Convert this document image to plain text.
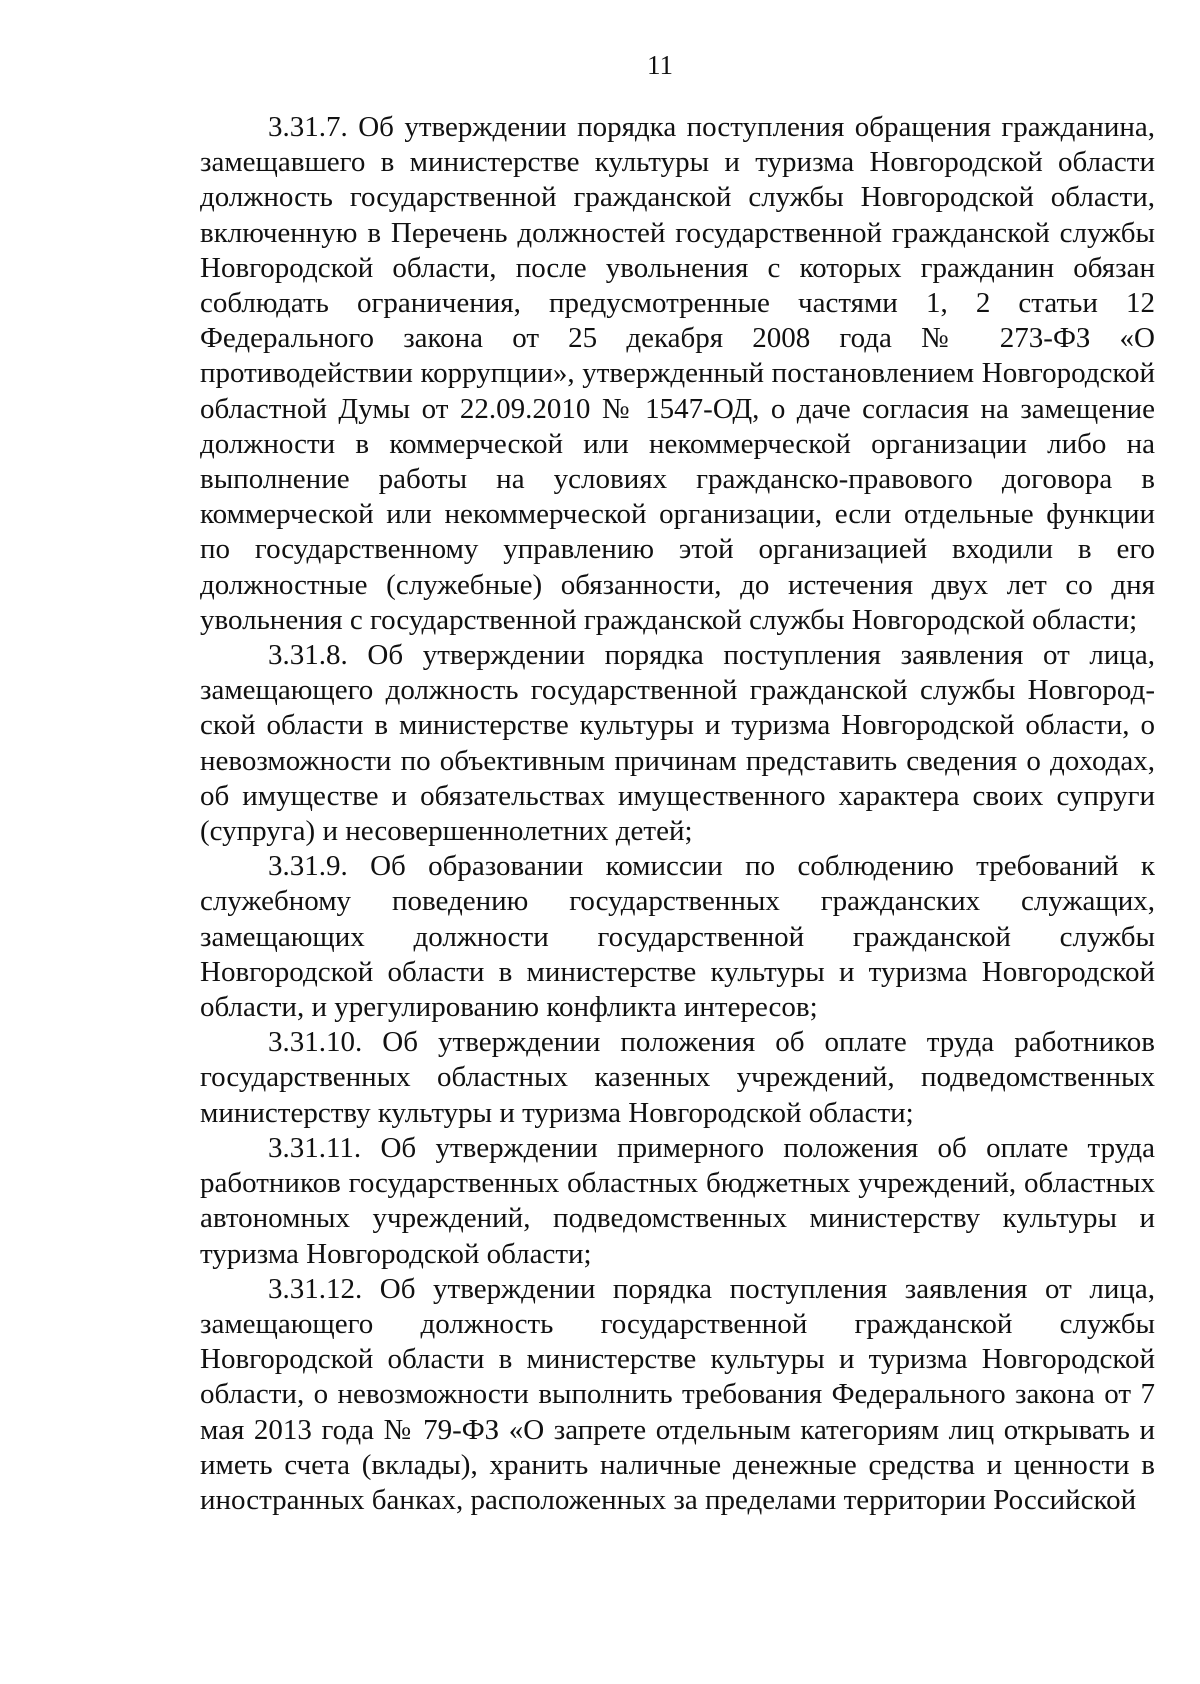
11

3.31.7. Об утверждении порядка поступления обращения гражданина, замещавшего в министерстве культуры и туризма Новгородской области должность государственной гражданской службы Новгородской области, включенную в Перечень должностей государственной гражданской службы Новгородской области, после увольнения с которых гражданин обязан соблюдать ограничения, предусмотренные частями 1, 2 статьи 12 Федерального закона от 25 декабря 2008 года № 273-ФЗ «О противодействии коррупции», утвержденный постановлением Новгородской областной Думы от 22.09.2010 № 1547-ОД, о даче согласия на замещение должности в коммерческой или некоммерческой организации либо на выполнение работы на условиях гражданско-правового договора в коммерческой или некоммерческой организации, если отдельные функции по государственному управлению этой организацией входили в его должностные (служебные) обязанности, до истечения двух лет со дня увольнения с государственной гражданской службы Новгородской области;

3.31.8. Об утверждении порядка поступления заявления от лица, замещающего должность государственной гражданской службы Новгородской области в министерстве культуры и туризма Новгородской области, о невозможности по объективным причинам представить сведения о доходах, об имуществе и обязательствах имущественного характера своих супруги (супруга) и несовершеннолетних детей;

3.31.9. Об образовании комиссии по соблюдению требований к служебному поведению государственных гражданских служащих, замещающих должности государственной гражданской службы Новгородской области в министерстве культуры и туризма Новгородской области, и урегулированию конфликта интересов;

3.31.10. Об утверждении положения об оплате труда работников государственных областных казенных учреждений, подведомственных министерству культуры и туризма Новгородской области;

3.31.11. Об утверждении примерного положения об оплате труда работников государственных областных бюджетных учреждений, областных автономных учреждений, подведомственных министерству культуры и туризма Новгородской области;

3.31.12. Об утверждении порядка поступления заявления от лица, замещающего должность государственной гражданской службы Новгородской области в министерстве культуры и туризма Новгородской области, о невозможности выполнить требования Федерального закона от 7 мая 2013 года № 79-ФЗ «О запрете отдельным категориям лиц открывать и иметь счета (вклады), хранить наличные денежные средства и ценности в иностранных банках, расположенных за пределами территории Российской
